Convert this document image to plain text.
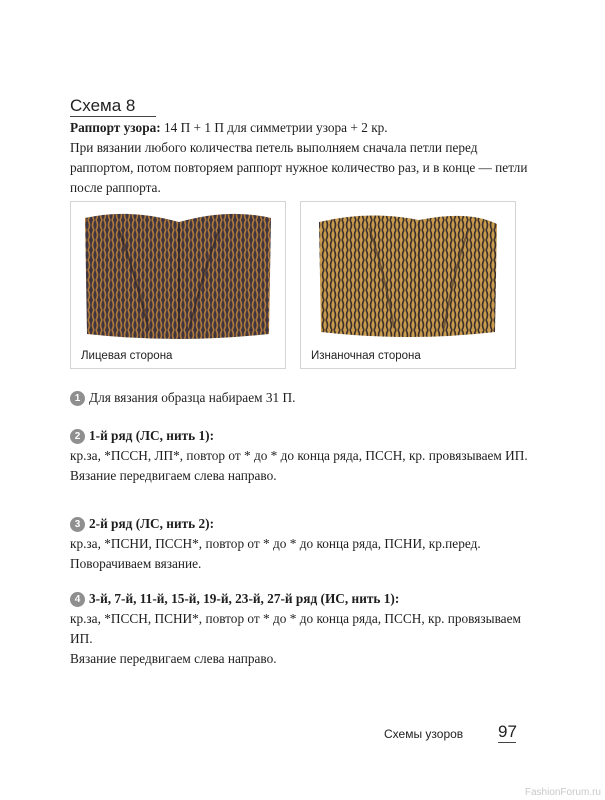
Схема 8

Раппорт узора: 14 П + 1 П для симметрии узора + 2 кр.

При вязании любого количества петель выполняем сначала петли перед раппортом, потом повторяем раппорт нужное количество раз, и в конце — петли после раппорта.

Лицевая сторона	Изнаночная сторона

1 Для вязания образца набираем 31 П.

2 1-й ряд (ЛС, нить 1):

кр.за, *ПССН, ЛП*, повтор от * до * до конца ряда, ПССН, кр. провязываем ИП.

Вязание передвигаем слева направо.

3 2-й ряд (ЛС, нить 2):

кр.за, *ПСНИ, ПССН*, повтор от * до * до конца ряда, ПСНИ, кр.перед.

Поворачиваем вязание.

4 3-й, 7-й, 11-й, 15-й, 19-й, 23-й, 27-й ряд (ИС, нить 1):

кр.за, *ПССН, ПСНИ*, повтор от * до * до конца ряда, ПССН, кр. провязываем ИП.

Вязание передвигаем слева направо.

Схемы узоров 97
FashionForum.ru
